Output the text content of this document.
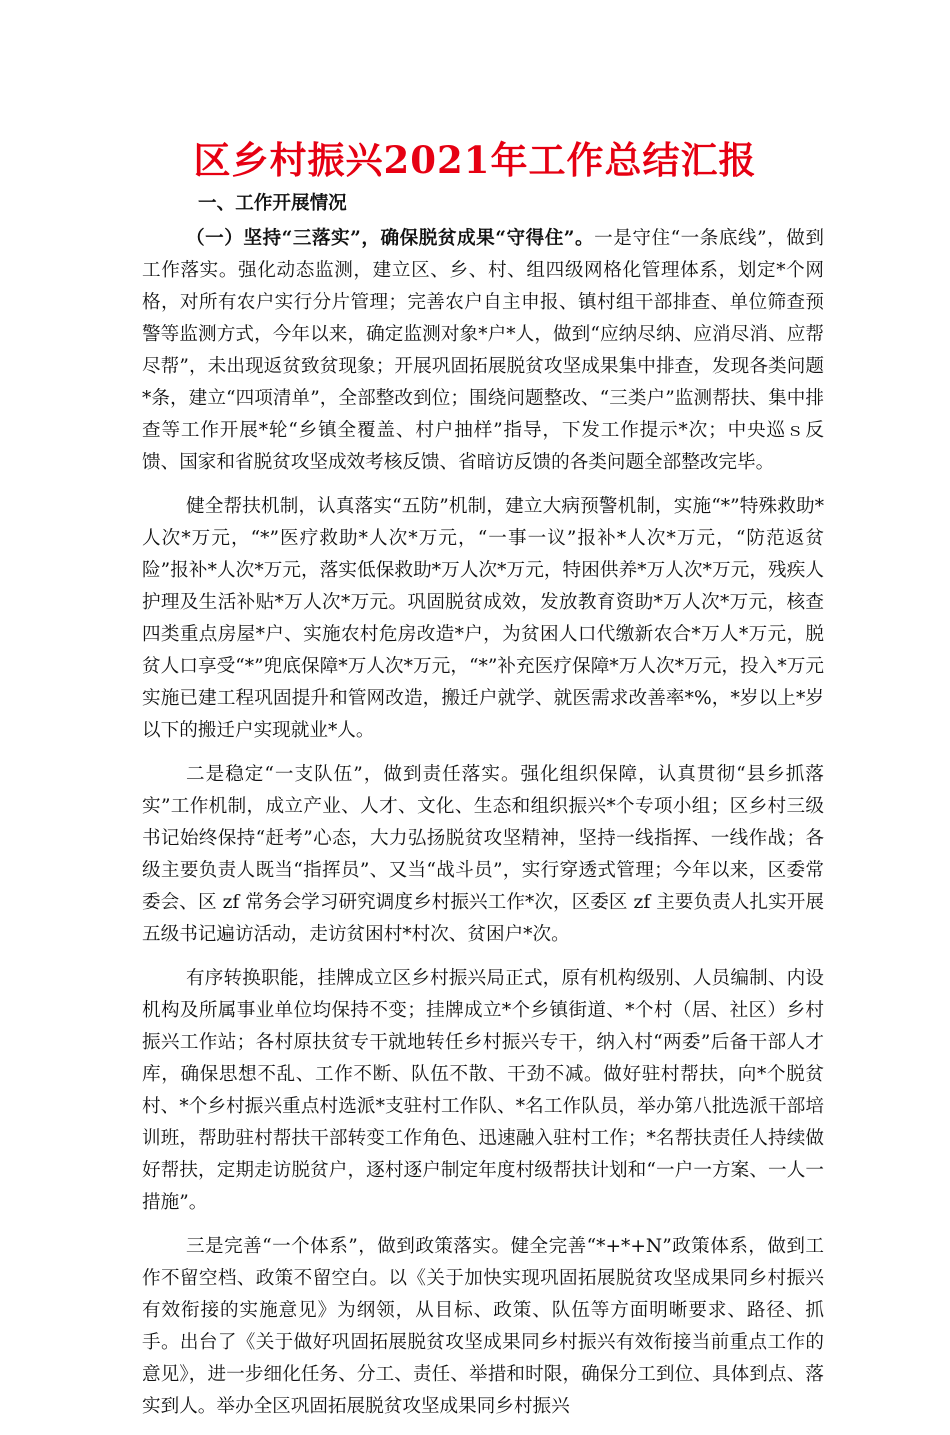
区乡村振兴2021年工作总结汇报
一、工作开展情况

（一）坚持“三落实”，确保脱贫成果“守得住”。一是守住“一条底线”，做到工作落实。强化动态监测，建立区、乡、村、组四级网格化管理体系，划定*个网格，对所有农户实行分片管理；完善农户自主申报、镇村组干部排查、单位筛查预警等监测方式，今年以来，确定监测对象*户*人，做到“应纳尽纳、应消尽消、应帮尽帮”，未出现返贫致贫现象；开展巩固拓展脱贫攻坚成果集中排查，发现各类问题*条，建立“四项清单”，全部整改到位；围绕问题整改、“三类户”监测帮扶、集中排查等工作开展*轮“乡镇全覆盖、村户抽样”指导，下发工作提示*次；中央巡ｓ反馈、国家和省脱贫攻坚成效考核反馈、省暗访反馈的各类问题全部整改完毕。

健全帮扶机制，认真落实“五防”机制，建立大病预警机制，实施“*”特殊救助*人次*万元，“*”医疗救助*人次*万元，“一事一议”报补*人次*万元，“防范返贫险”报补*人次*万元，落实低保救助*万人次*万元，特困供养*万人次*万元，残疾人护理及生活补贴*万人次*万元。巩固脱贫成效，发放教育资助*万人次*万元，核查四类重点房屋*户、实施农村危房改造*户，为贫困人口代缴新农合*万人*万元，脱贫人口享受“*”兜底保障*万人次*万元，“*”补充医疗保障*万人次*万元，投入*万元实施已建工程巩固提升和管网改造，搬迁户就学、就医需求改善率*%，*岁以上*岁以下的搬迁户实现就业*人。

二是稳定“一支队伍”，做到责任落实。强化组织保障，认真贯彻“县乡抓落实”工作机制，成立产业、人才、文化、生态和组织振兴*个专项小组；区乡村三级书记始终保持“赶考”心态，大力弘扬脱贫攻坚精神，坚持一线指挥、一线作战；各级主要负责人既当“指挥员”、又当“战斗员”，实行穿透式管理；今年以来，区委常委会、区 zf 常务会学习研究调度乡村振兴工作*次，区委区 zf 主要负责人扎实开展五级书记遍访活动，走访贫困村*村次、贫困户*次。

有序转换职能，挂牌成立区乡村振兴局正式，原有机构级别、人员编制、内设机构及所属事业单位均保持不变；挂牌成立*个乡镇街道、*个村（居、社区）乡村振兴工作站；各村原扶贫专干就地转任乡村振兴专干，纳入村“两委”后备干部人才库，确保思想不乱、工作不断、队伍不散、干劲不减。做好驻村帮扶，向*个脱贫村、*个乡村振兴重点村选派*支驻村工作队、*名工作队员，举办第八批选派干部培训班，帮助驻村帮扶干部转变工作角色、迅速融入驻村工作；*名帮扶责任人持续做好帮扶，定期走访脱贫户，逐村逐户制定年度村级帮扶计划和“一户一方案、一人一措施”。

三是完善“一个体系”，做到政策落实。健全完善“*+*+N”政策体系，做到工作不留空档、政策不留空白。以《关于加快实现巩固拓展脱贫攻坚成果同乡村振兴有效衔接的实施意见》为纲领，从目标、政策、队伍等方面明晰要求、路径、抓手。出台了《关于做好巩固拓展脱贫攻坚成果同乡村振兴有效衔接当前重点工作的意见》，进一步细化任务、分工、责任、举措和时限，确保分工到位、具体到点、落实到人。举办全区巩固拓展脱贫攻坚成果同乡村振兴
